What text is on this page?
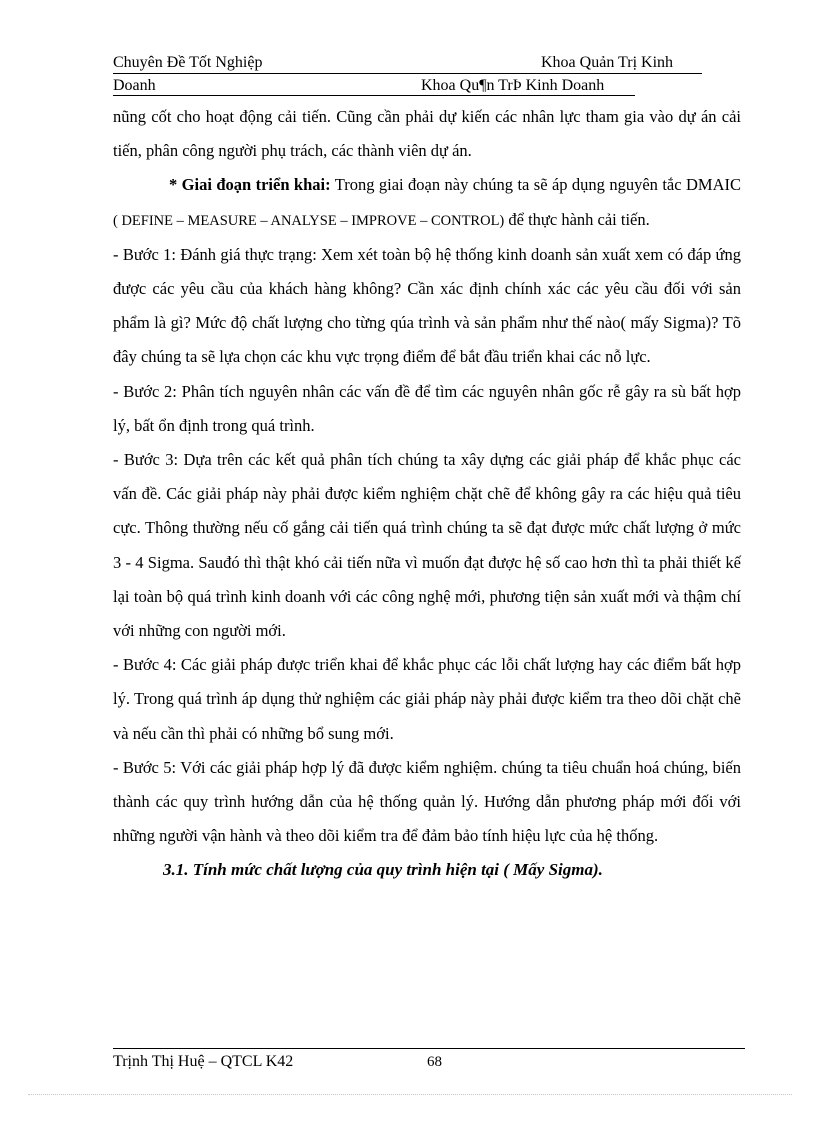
Chuyên Đề Tốt Nghiệp	Khoa Quản Trị Kinh
Doanh	Khoa Qu¶n TrÞ Kinh Doanh

nũng cốt cho hoạt động cải tiến. Cũng cần phải dự kiến các nhân lực tham gia vào dự án cải tiến, phân công người phụ trách, các thành viên dự án.

* Giai đoạn triển khai: Trong giai đoạn này chúng ta sẽ áp dụng nguyên tắc DMAIC ( DEFINE – MEASURE – ANALYSE – IMPROVE – CONTROL) để thực hành cải tiến.

- Bước 1: Đánh giá thực trạng: Xem xét toàn bộ hệ thống kinh doanh sản xuất xem có đáp ứng được các yêu cầu của khách hàng không? Cần xác định chính xác các yêu cầu đối với sản phẩm là gì? Mức độ chất lượng cho từng qúa trình và sản phẩm như thế nào( mấy Sigma)? Tõ đây chúng ta sẽ lựa chọn các khu vực trọng điểm để bắt đầu triển khai các nỗ lực.

- Bước 2: Phân tích nguyên nhân các vấn đề để tìm các nguyên nhân gốc rễ gây ra sù bất hợp lý, bất ổn định trong quá trình.

- Bước 3: Dựa trên các kết quả phân tích chúng ta xây dựng các giải pháp để khắc phục các vấn đề. Các giải pháp này phải được kiểm nghiệm chặt chẽ để không gây ra các hiệu quả tiêu cực. Thông thường nếu cố gắng cải tiến quá trình chúng ta sẽ đạt được mức chất lượng ở mức 3 - 4 Sigma. Sauđó thì thật khó cải tiến nữa vì muốn đạt được hệ số cao hơn thì ta phải thiết kế lại toàn bộ quá trình kinh doanh với các công nghệ mới, phương tiện sản xuất mới và thậm chí với những con người mới.

- Bước 4: Các giải pháp được triển khai để khắc phục các lỗi chất lượng hay các điểm bất hợp lý. Trong quá trình áp dụng thử nghiệm các giải pháp này phải được kiểm tra theo dõi chặt chẽ và nếu cần thì phải có những bổ sung mới.

- Bước 5: Với các giải pháp hợp lý đã được kiểm nghiệm. chúng ta tiêu chuẩn hoá chúng, biến thành các quy trình hướng dẫn của hệ thống quản lý. Hướng dẫn phương pháp mới đối với những người vận hành và theo dõi kiểm tra để đảm bảo tính hiệu lực của hệ thống.

3.1. Tính mức chất lượng của quy trình hiện tại ( Mấy Sigma).

Trịnh Thị Huệ – QTCL K42	68
